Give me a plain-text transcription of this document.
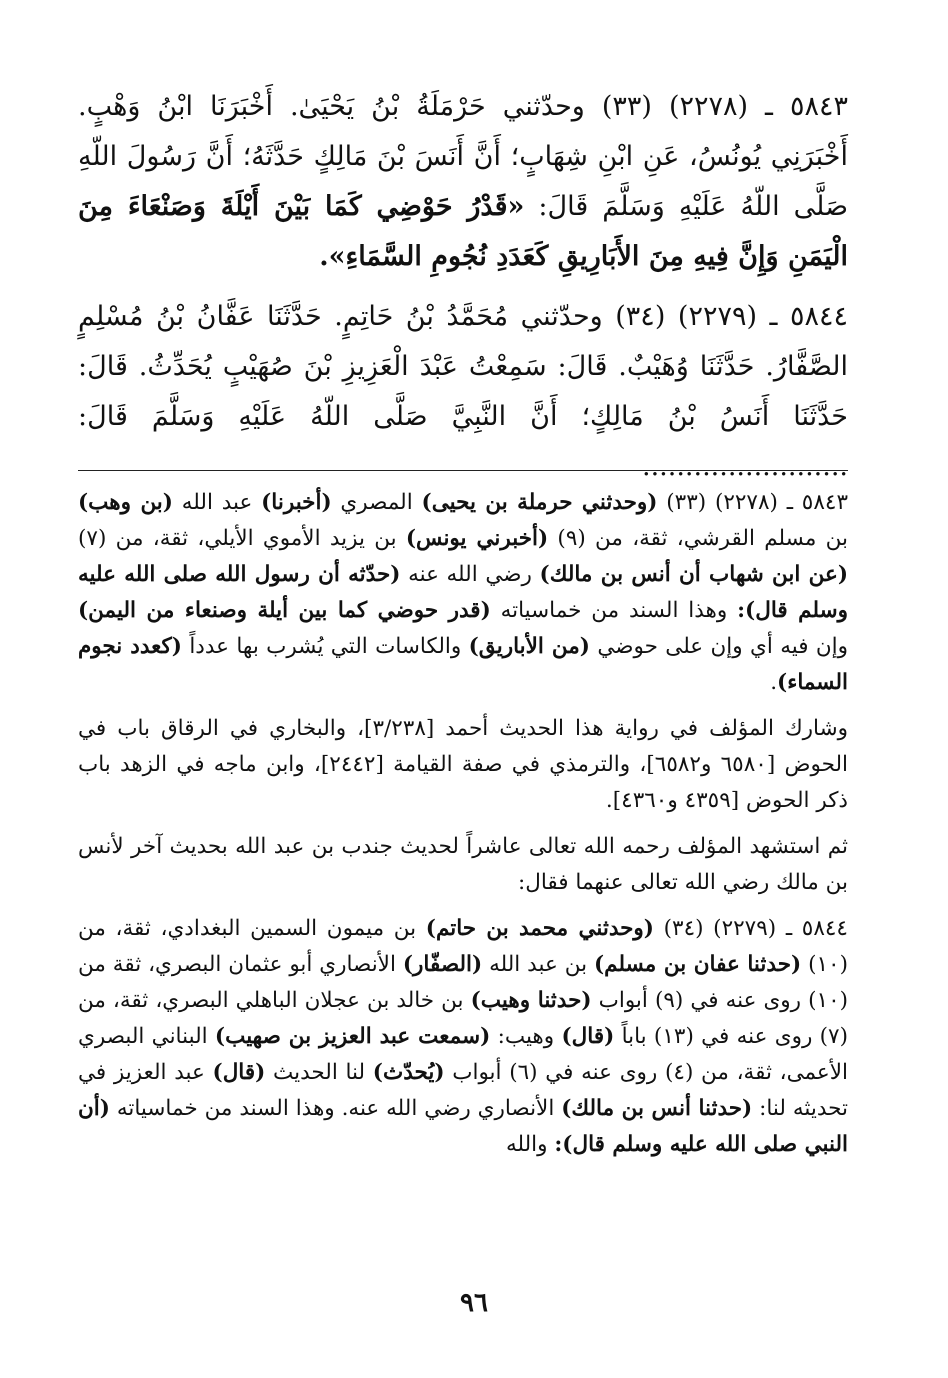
٥٨٤٣ ـ (٢٢٧٨) (٣٣) وحدّثني حَرْمَلَةُ بْنُ يَحْيَىٰ. أَخْبَرَنَا ابْنُ وَهْبٍ. أَخْبَرَنِي يُونُسُ، عَنِ ابْنِ شِهَابٍ؛ أَنَّ أَنَسَ بْنَ مَالِكٍ حَدَّثَهُ؛ أَنَّ رَسُولَ اللّهِ صَلَّى اللّهُ عَلَيْهِ وَسَلَّمَ قَالَ: «قَدْرُ حَوْضِي كَمَا بَيْنَ أَيْلَةَ وَصَنْعَاءَ مِنَ الْيَمَنِ وَإِنَّ فِيهِ مِنَ الأَبَارِيقِ كَعَدَدِ نُجُومِ السَّمَاءِ».

٥٨٤٤ ـ (٢٢٧٩) (٣٤) وحدّثني مُحَمَّدُ بْنُ حَاتِمٍ. حَدَّثَنَا عَفَّانُ بْنُ مُسْلِمٍ الصَّفَّارُ. حَدَّثَنَا وُهَيْبٌ. قَالَ: سَمِعْتُ عَبْدَ الْعَزِيزِ بْنَ صُهَيْبٍ يُحَدِّثُ. قَالَ: حَدَّثَنَا أَنَسُ بْنُ مَالِكٍ؛ أَنَّ النَّبِيَّ صَلَّى اللّهُ عَلَيْهِ وَسَلَّمَ قَالَ: ........................

٥٨٤٣ ـ (٢٢٧٨) (٣٣) (وحدثني حرملة بن يحيى) المصري (أخبرنا) عبد الله (بن وهب) بن مسلم القرشي، ثقة، من (٩) (أخبرني يونس) بن يزيد الأموي الأيلي، ثقة، من (٧) (عن ابن شهاب أن أنس بن مالك) رضي الله عنه (حدّثه أن رسول الله صلى الله عليه وسلم قال): وهذا السند من خماسياته (قدر حوضي كما بين أيلة وصنعاء من اليمن) وإن فيه أي وإن على حوضي (من الأباريق) والكاسات التي يُشرب بها عدداً (كعدد نجوم السماء).

وشارك المؤلف في رواية هذا الحديث أحمد [٣/٢٣٨]، والبخاري في الرقاق باب في الحوض [٦٥٨٠ و٦٥٨٢]، والترمذي في صفة القيامة [٢٤٤٢]، وابن ماجه في الزهد باب ذكر الحوض [٤٣٥٩ و٤٣٦٠].

ثم استشهد المؤلف رحمه الله تعالى عاشراً لحديث جندب بن عبد الله بحديث آخر لأنس بن مالك رضي الله تعالى عنهما فقال:

٥٨٤٤ ـ (٢٢٧٩) (٣٤) (وحدثني محمد بن حاتم) بن ميمون السمين البغدادي، ثقة، من (١٠) (حدثنا عفان بن مسلم) بن عبد الله (الصفّار) الأنصاري أبو عثمان البصري، ثقة من (١٠) روى عنه في (٩) أبواب (حدثنا وهيب) بن خالد بن عجلان الباهلي البصري، ثقة، من (٧) روى عنه في (١٣) باباً (قال) وهيب: (سمعت عبد العزيز بن صهيب) البناني البصري الأعمى، ثقة، من (٤) روى عنه في (٦) أبواب (يُحدّث) لنا الحديث (قال) عبد العزيز في تحديثه لنا: (حدثنا أنس بن مالك) الأنصاري رضي الله عنه. وهذا السند من خماسياته (أن النبي صلى الله عليه وسلم قال): والله

٩٦
